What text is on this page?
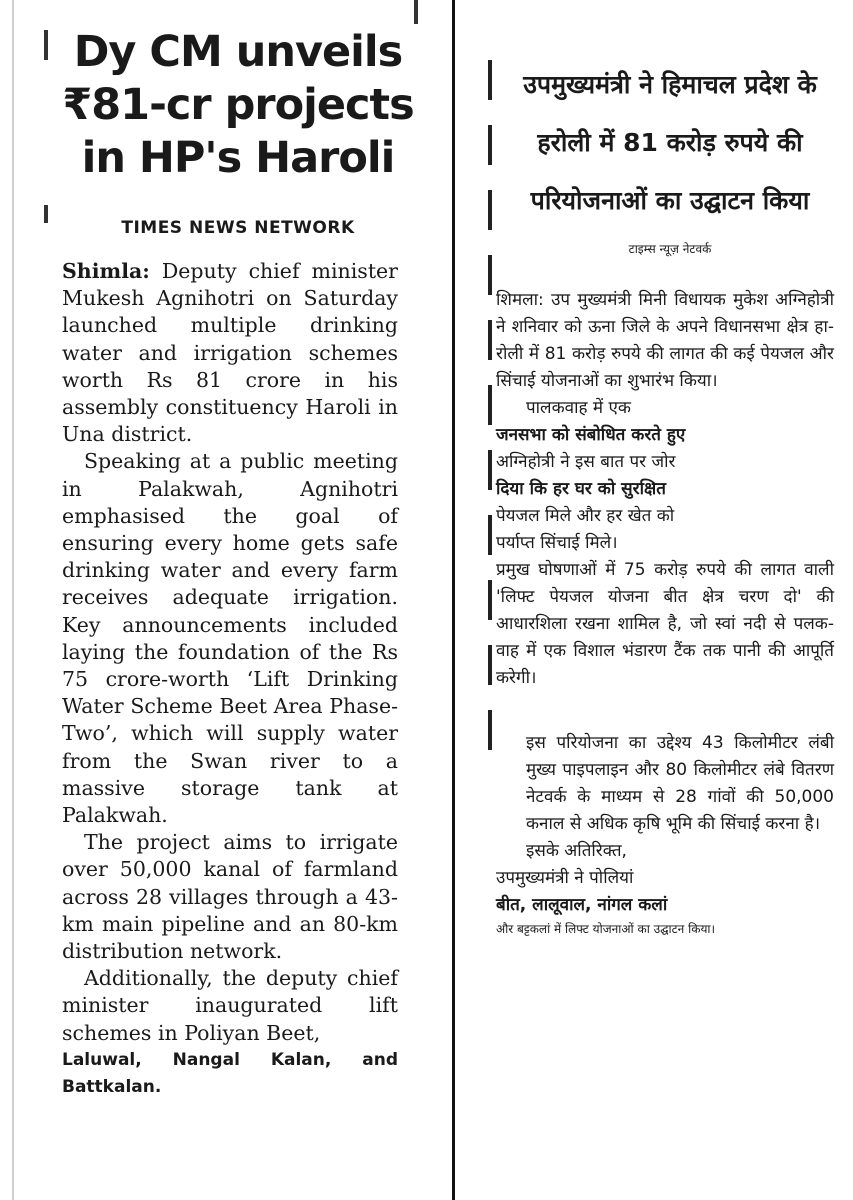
Dy CM unveils ₹81-cr projects in HP's Haroli
TIMES NEWS NETWORK

Shimla: Deputy chief minister Mukesh Agnihotri on Saturday launched multiple drinking water and irrigation schemes worth Rs 81 crore in his assembly constituency Haroli in Una district.

Speaking at a public meeting in Palakwah, Agnihotri emphasised the goal of ensuring every home gets safe drinking water and every farm receives adequate irrigation. Key announcements included laying the foundation of the Rs 75 crore-worth ‘Lift Drinking Water Scheme Beet Area Phase-Two’, which will supply water from the Swan river to a massive storage tank at Palakwah.

The project aims to irrigate over 50,000 kanal of farmland across 28 villages through a 43-km main pipeline and an 80-km distribution network.

Additionally, the deputy chief minister inaugurated lift schemes in Poliyan Beet,

Laluwal, Nangal Kalan, and Battkalan.

उपमुख्यमंत्री ने हिमाचल प्रदेश के हरोली में 81 करोड़ रुपये की परियोजनाओं का उद्घाटन किया
टाइम्स न्यूज़ नेटवर्क

शिमला: उप मुख्यमंत्री मिनी विधायक मुकेश अग्निहोत्री ने शनिवार को ऊना जिले के अपने विधानसभा क्षेत्र हा-रोली में 81 करोड़ रुपये की लागत की कई पेयजल और सिंचाई योजनाओं का शुभारंभ किया।

पालकवाह में एक

जनसभा को संबोधित करते हुए

अग्निहोत्री ने इस बात पर जोर

दिया कि हर घर को सुरक्षित

पेयजल मिले और हर खेत को

पर्याप्त सिंचाई मिले।

प्रमुख घोषणाओं में 75 करोड़ रुपये की लागत वाली 'लिफ्ट पेयजल योजना बीत क्षेत्र चरण दो' की आधारशिला रखना शामिल है, जो स्वां नदी से पलक-वाह में एक विशाल भंडारण टैंक तक पानी की आपूर्ति करेगी।

इस परियोजना का उद्देश्य 43 किलोमीटर लंबी मुख्य पाइपलाइन और 80 किलोमीटर लंबे वितरण नेटवर्क के माध्यम से 28 गांवों की 50,000 कनाल से अधिक कृषि भूमि की सिंचाई करना है।

इसके अतिरिक्त,

उपमुख्यमंत्री ने पोलियां

बीत, लालूवाल, नांगल कलां

और बट्टकलां में लिफ्ट योजनाओं का उद्घाटन किया।
